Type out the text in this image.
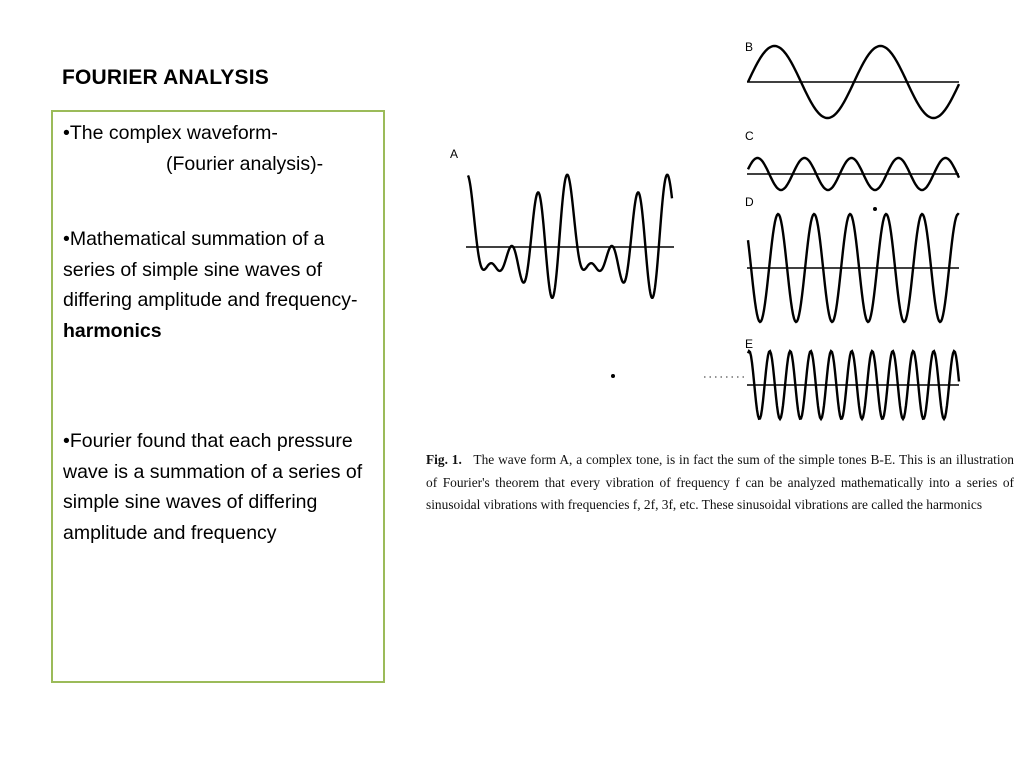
FOURIER ANALYSIS
•The complex waveform-
(Fourier analysis)-
•Mathematical summation of a series of simple sine waves of differing amplitude and frequency- harmonics
•Fourier found that each pressure wave is a summation of a series of simple sine waves of differing amplitude and frequency
A
B
C
D
E

Fig. 1. The wave form A, a complex tone, is in fact the sum of the simple tones B-E. This is an illustration of Fourier's theorem that every vibration of frequency f can be analyzed mathematically into a series of sinusoidal vibrations with frequencies f, 2f, 3f, etc. These sinusoidal vibrations are called the harmonics
